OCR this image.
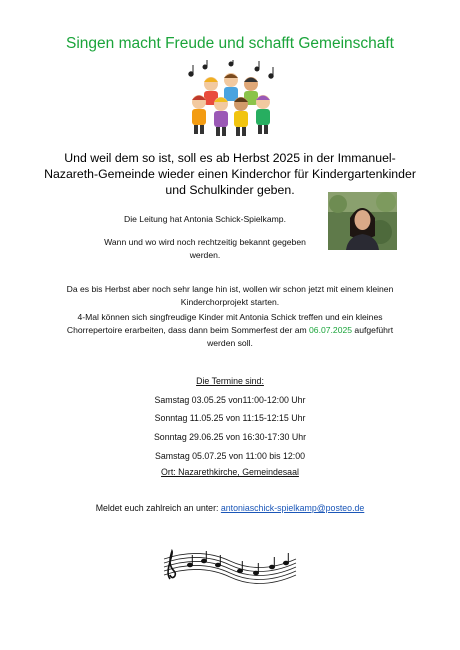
Singen macht Freude und schafft Gemeinschaft
Und weil dem so ist, soll es ab Herbst 2025 in der Immanuel-Nazareth-Gemeinde wieder einen Kinderchor für Kindergartenkinder und Schulkinder geben.
Die Leitung hat Antonia Schick-Spielkamp.
Wann und wo wird noch rechtzeitig bekannt gegeben werden.
Da es bis Herbst aber noch sehr lange hin ist, wollen wir schon jetzt mit einem kleinen Kinderchorprojekt starten.
4-Mal können sich singfreudige Kinder mit Antonia Schick treffen und ein kleines Chorrepertoire erarbeiten, dass dann beim Sommerfest der am 06.07.2025 aufgeführt werden soll.
Die Termine sind:
Samstag 03.05.25 von11:00-12:00 Uhr
Sonntag 11.05.25 von 11:15-12:15 Uhr
Sonntag 29.06.25 von 16:30-17:30 Uhr
Samstag 05.07.25 von 11:00 bis 12:00
Ort: Nazarethkirche, Gemeindesaal
Meldet euch zahlreich an unter: antoniaschick-spielkamp@posteo.de
